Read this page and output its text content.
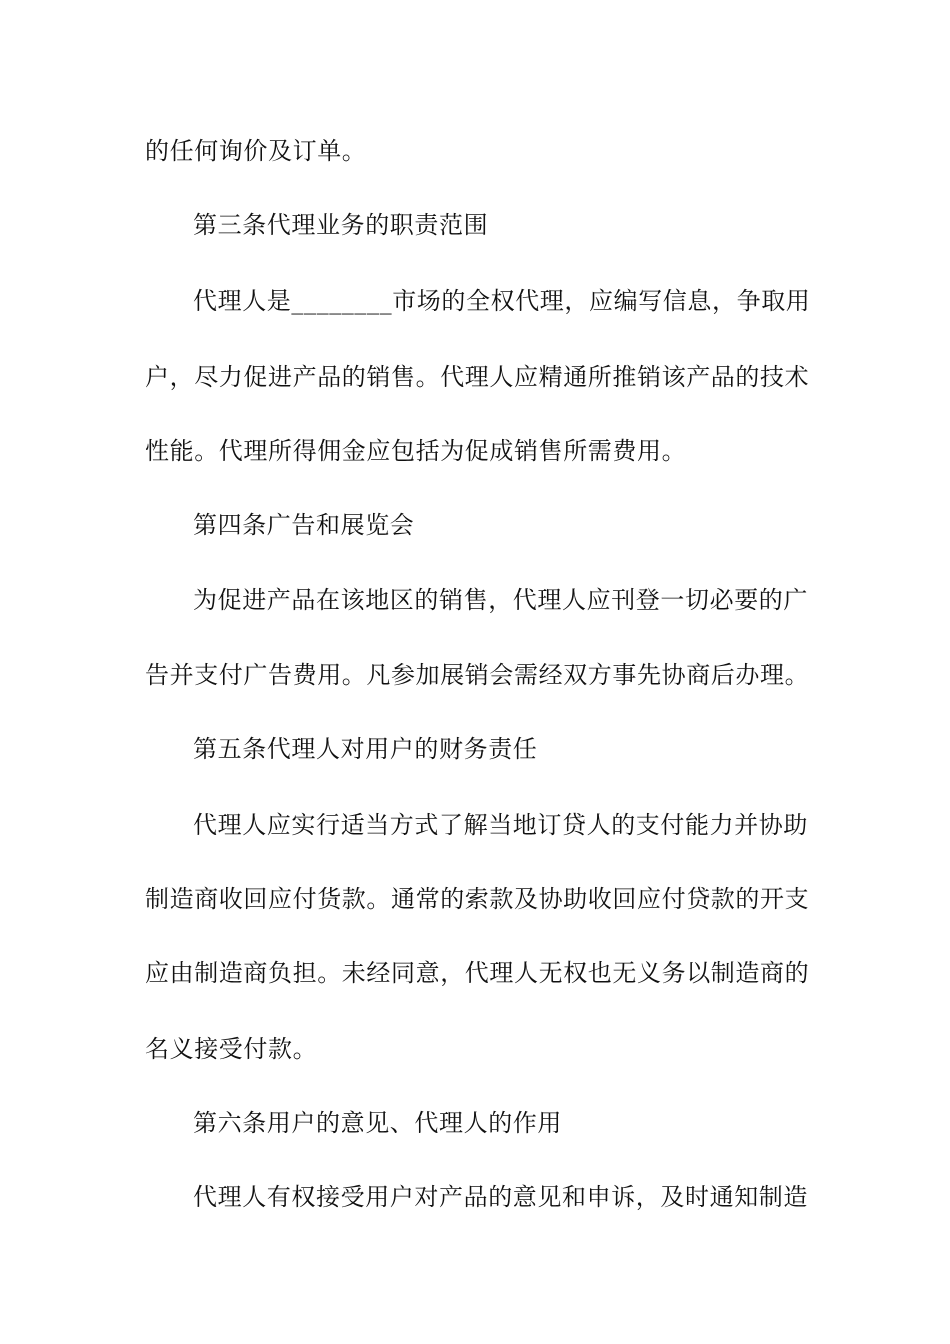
的任何询价及订单。
第三条代理业务的职责范围
代理人是________市场的全权代理，应编写信息，争取用
户，尽力促进产品的销售。代理人应精通所推销该产品的技术
性能。代理所得佣金应包括为促成销售所需费用。
第四条广告和展览会
为促进产品在该地区的销售，代理人应刊登一切必要的广
告并支付广告费用。凡参加展销会需经双方事先协商后办理。
第五条代理人对用户的财务责任
代理人应实行适当方式了解当地订贷人的支付能力并协助
制造商收回应付货款。通常的索款及协助收回应付贷款的开支
应由制造商负担。未经同意，代理人无权也无义务以制造商的
名义接受付款。
第六条用户的意见、代理人的作用
代理人有权接受用户对产品的意见和申诉，及时通知制造
